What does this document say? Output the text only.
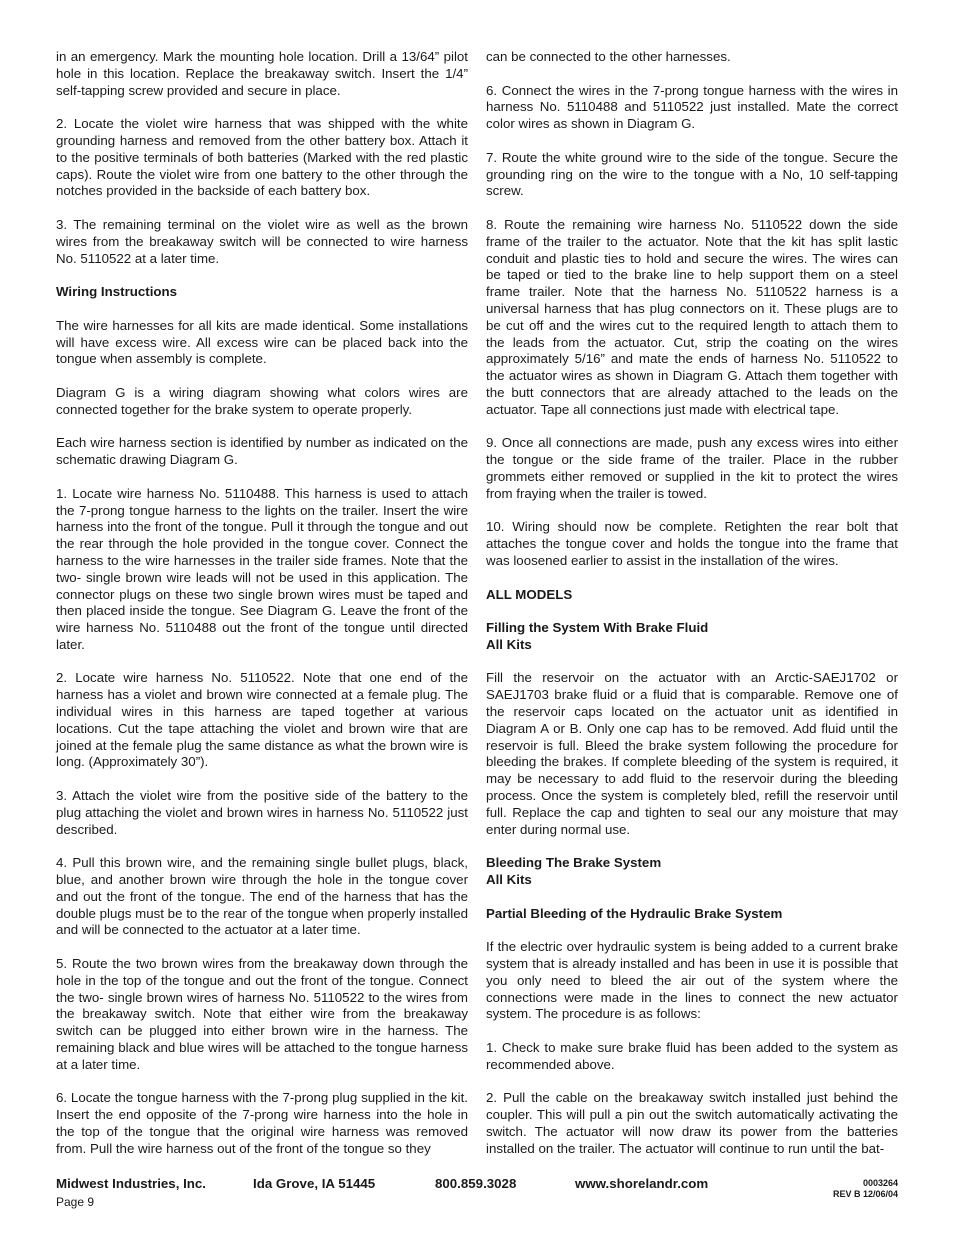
in an emergency. Mark the mounting hole location. Drill a 13/64” pilot hole in this location. Replace the breakaway switch. Insert the 1/4” self-tapping screw provided and secure in place.

2. Locate the violet wire harness that was shipped with the white grounding harness and removed from the other battery box. Attach it to the positive terminals of both batteries (Marked with the red plastic caps). Route the violet wire from one battery to the other through the notches provided in the backside of each battery box.

3. The remaining terminal on the violet wire as well as the brown wires from the breakaway switch will be connected to wire harness No. 5110522 at a later time.

Wiring Instructions

The wire harnesses for all kits are made identical. Some installations will have excess wire. All excess wire can be placed back into the tongue when assembly is complete.

Diagram G is a wiring diagram showing what colors wires are connected together for the brake system to operate properly.

Each wire harness section is identified by number as indicated on the schematic drawing Diagram G.

1. Locate wire harness No. 5110488. This harness is used to attach the 7-prong tongue harness to the lights on the trailer. Insert the wire harness into the front of the tongue. Pull it through the tongue and out the rear through the hole provided in the tongue cover. Connect the harness to the wire harnesses in the trailer side frames. Note that the two- single brown wire leads will not be used in this application. The connector plugs on these two single brown wires must be taped and then placed inside the tongue. See Diagram G. Leave the front of the wire harness No. 5110488 out the front of the tongue until directed later.

2. Locate wire harness No. 5110522. Note that one end of the harness has a violet and brown wire connected at a female plug. The individual wires in this harness are taped together at various locations. Cut the tape attaching the violet and brown wire that are joined at the female plug the same distance as what the brown wire is long. (Approximately 30”).

3. Attach the violet wire from the positive side of the battery to the plug attaching the violet and brown wires in harness No. 5110522 just described.

4. Pull this brown wire, and the remaining single bullet plugs, black, blue, and another brown wire through the hole in the tongue cover and out the front of the tongue. The end of the harness that has the double plugs must be to the rear of the tongue when properly installed and will be connected to the actuator at a later time.

5. Route the two brown wires from the breakaway down through the hole in the top of the tongue and out the front of the tongue. Connect the two- single brown wires of harness No. 5110522 to the wires from the breakaway switch. Note that either wire from the breakaway switch can be plugged into either brown wire in the harness. The remaining black and blue wires will be attached to the tongue harness at a later time.

6. Locate the tongue harness with the 7-prong plug supplied in the kit. Insert the end opposite of the 7-prong wire harness into the hole in the top of the tongue that the original wire harness was removed from. Pull the wire harness out of the front of the tongue so they

can be connected to the other harnesses.

6. Connect the wires in the 7-prong tongue harness with the wires in harness No. 5110488 and 5110522 just installed. Mate the correct color wires as shown in Diagram G.

7. Route the white ground wire to the side of the tongue. Secure the grounding ring on the wire to the tongue with a No, 10 self-tapping screw.

8. Route the remaining wire harness No. 5110522 down the side frame of the trailer to the actuator. Note that the kit has split lastic conduit and plastic ties to hold and secure the wires. The wires can be taped or tied to the brake line to help support them on a steel frame trailer. Note that the harness No. 5110522 harness is a universal harness that has plug connectors on it. These plugs are to be cut off and the wires cut to the required length to attach them to the leads from the actuator. Cut, strip the coating on the wires approximately 5/16” and mate the ends of harness No. 5110522 to the actuator wires as shown in Diagram G. Attach them together with the butt connectors that are already attached to the leads on the actuator. Tape all connections just made with electrical tape.

9. Once all connections are made, push any excess wires into either the tongue or the side frame of the trailer. Place in the rubber grommets either removed or supplied in the kit to protect the wires from fraying when the trailer is towed.

10. Wiring should now be complete. Retighten the rear bolt that attaches the tongue cover and holds the tongue into the frame that was loosened earlier to assist in the installation of the wires.

ALL MODELS

Filling the System With Brake Fluid
All Kits

Fill the reservoir on the actuator with an Arctic-SAEJ1702 or SAEJ1703 brake fluid or a fluid that is comparable. Remove one of the reservoir caps located on the actuator unit as identified in Diagram A or B. Only one cap has to be removed. Add fluid until the reservoir is full. Bleed the brake system following the procedure for bleeding the brakes. If complete bleeding of the system is required, it may be necessary to add fluid to the reservoir during the bleeding process. Once the system is completely bled, refill the reservoir until full. Replace the cap and tighten to seal our any moisture that may enter during normal use.

Bleeding The Brake System
All Kits

Partial Bleeding of the Hydraulic Brake System

If the electric over hydraulic system is being added to a current brake system that is already installed and has been in use it is possible that you only need to bleed the air out of the system where the connections were made in the lines to connect the new actuator system. The procedure is as follows:

1. Check to make sure brake fluid has been added to the system as recommended above.

2. Pull the cable on the breakaway switch installed just behind the coupler. This will pull a pin out the switch automatically activating the switch. The actuator will now draw its power from the batteries installed on the trailer. The actuator will continue to run until the bat-

Midwest Industries, Inc.	Ida Grove, IA 51445	800.859.3028	www.shorelandr.com	0003264
REV B 12/06/04
Page 9
